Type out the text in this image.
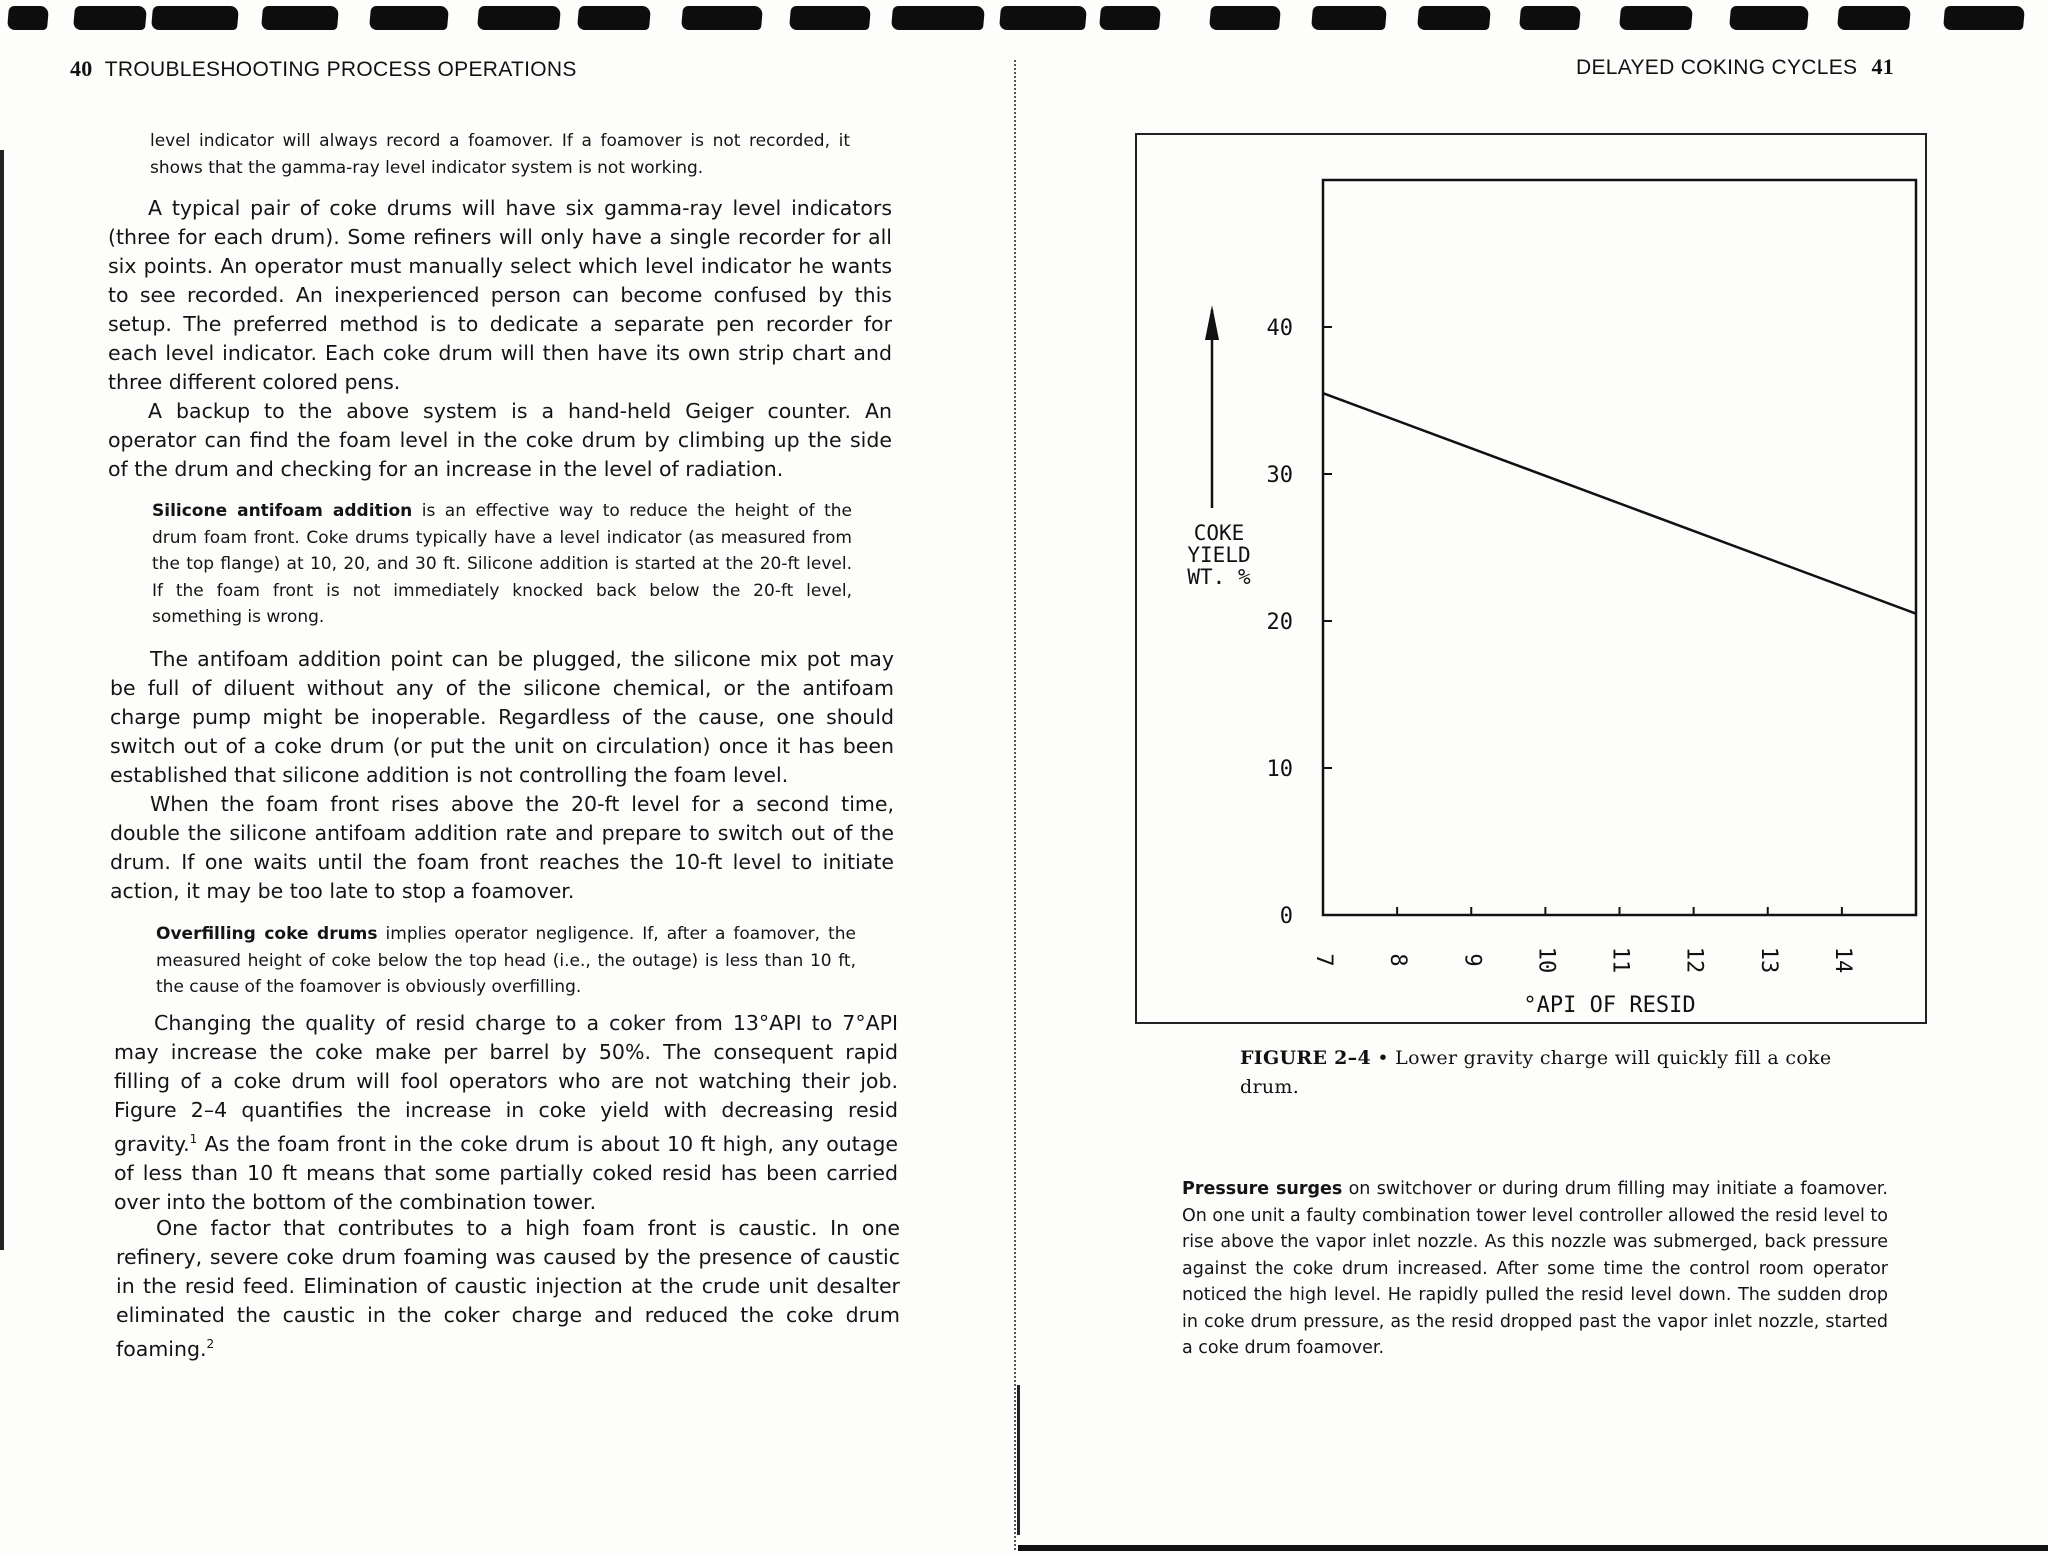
40 TROUBLESHOOTING PROCESS OPERATIONS

level indicator will always record a foamover. If a foamover is not recorded, it shows that the gamma-ray level indicator system is not working.

A typical pair of coke drums will have six gamma-ray level indicators (three for each drum). Some refiners will only have a single recorder for all six points. An operator must manually select which level indicator he wants to see recorded. An inexperienced person can become confused by this setup. The preferred method is to dedicate a separate pen recorder for each level indicator. Each coke drum will then have its own strip chart and three different colored pens.

A backup to the above system is a hand-held Geiger counter. An operator can find the foam level in the coke drum by climbing up the side of the drum and checking for an increase in the level of radiation.

Silicone antifoam addition is an effective way to reduce the height of the drum foam front. Coke drums typically have a level indicator (as measured from the top flange) at 10, 20, and 30 ft. Silicone addition is started at the 20-ft level. If the foam front is not immediately knocked back below the 20-ft level, something is wrong.

The antifoam addition point can be plugged, the silicone mix pot may be full of diluent without any of the silicone chemical, or the antifoam charge pump might be inoperable. Regardless of the cause, one should switch out of a coke drum (or put the unit on circulation) once it has been established that silicone addition is not controlling the foam level.

When the foam front rises above the 20-ft level for a second time, double the silicone antifoam addition rate and prepare to switch out of the drum. If one waits until the foam front reaches the 10-ft level to initiate action, it may be too late to stop a foamover.

Overfilling coke drums implies operator negligence. If, after a foamover, the measured height of coke below the top head (i.e., the outage) is less than 10 ft, the cause of the foamover is obviously overfilling.

Changing the quality of resid charge to a coker from 13°API to 7°API may increase the coke make per barrel by 50%. The consequent rapid filling of a coke drum will fool operators who are not watching their job. Figure 2–4 quantifies the increase in coke yield with decreasing resid gravity.$^1$ As the foam front in the coke drum is about 10 ft high, any outage of less than 10 ft means that some partially coked resid has been carried over into the bottom of the combination tower.

One factor that contributes to a high foam front is caustic. In one refinery, severe coke drum foaming was caused by the presence of caustic in the resid feed. Elimination of caustic injection at the crude unit desalter eliminated the caustic in the coker charge and reduced the coke drum foaming.$^2$

DELAYED COKING CYCLES 41
0
10
20
30
40
7 8 9 10 11 12 13 14
COKE
YIELD
WT. %
°API OF RESID
FIGURE 2–4 • Lower gravity charge will quickly fill a coke drum.

Pressure surges on switchover or during drum filling may initiate a foamover. On one unit a faulty combination tower level controller allowed the resid level to rise above the vapor inlet nozzle. As this nozzle was submerged, back pressure against the coke drum increased. After some time the control room operator noticed the high level. He rapidly pulled the resid level down. The sudden drop in coke drum pressure, as the resid dropped past the vapor inlet nozzle, started a coke drum foamover.
